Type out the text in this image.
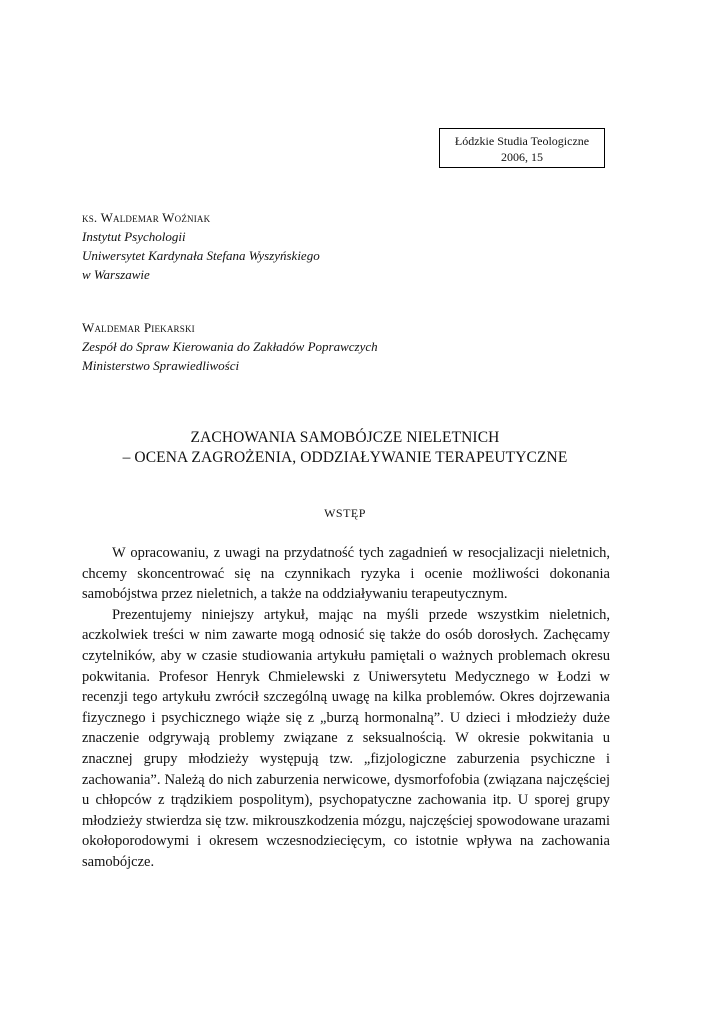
Łódzkie Studia Teologiczne
2006, 15
ks. Waldemar Woźniak
Instytut Psychologii
Uniwersytet Kardynała Stefana Wyszyńskiego
w Warszawie
Waldemar Piekarski
Zespół do Spraw Kierowania do Zakładów Poprawczych
Ministerstwo Sprawiedliwości
ZACHOWANIA SAMOBÓJCZE NIELETNICH
– OCENA ZAGROŻENIA, ODDZIAŁYWANIE TERAPEUTYCZNE
WSTĘP

W opracowaniu, z uwagi na przydatność tych zagadnień w resocjalizacji nieletnich, chcemy skoncentrować się na czynnikach ryzyka i ocenie możliwości dokonania samobójstwa przez nieletnich, a także na oddziaływaniu terapeutycznym.

Prezentujemy niniejszy artykuł, mając na myśli przede wszystkim nieletnich, aczkolwiek treści w nim zawarte mogą odnosić się także do osób dorosłych. Zachęcamy czytelników, aby w czasie studiowania artykułu pamiętali o ważnych problemach okresu pokwitania. Profesor Henryk Chmielewski z Uniwersytetu Medycznego w Łodzi w recenzji tego artykułu zwrócił szczególną uwagę na kilka problemów. Okres dojrzewania fizycznego i psychicznego wiąże się z „burzą hormonalną”. U dzieci i młodzieży duże znaczenie odgrywają problemy związane z seksualnością. W okresie pokwitania u znacznej grupy młodzieży występują tzw. „fizjologiczne zaburzenia psychiczne i zachowania”. Należą do nich zaburzenia nerwicowe, dysmorfofobia (związana najczęściej u chłopców z trądzikiem pospolitym), psychopatyczne zachowania itp. U sporej grupy młodzieży stwierdza się tzw. mikrouszkodzenia mózgu, najczęściej spowodowane urazami okołoporodowymi i okresem wczesnodziecięcym, co istotnie wpływa na zachowania samobójcze.
